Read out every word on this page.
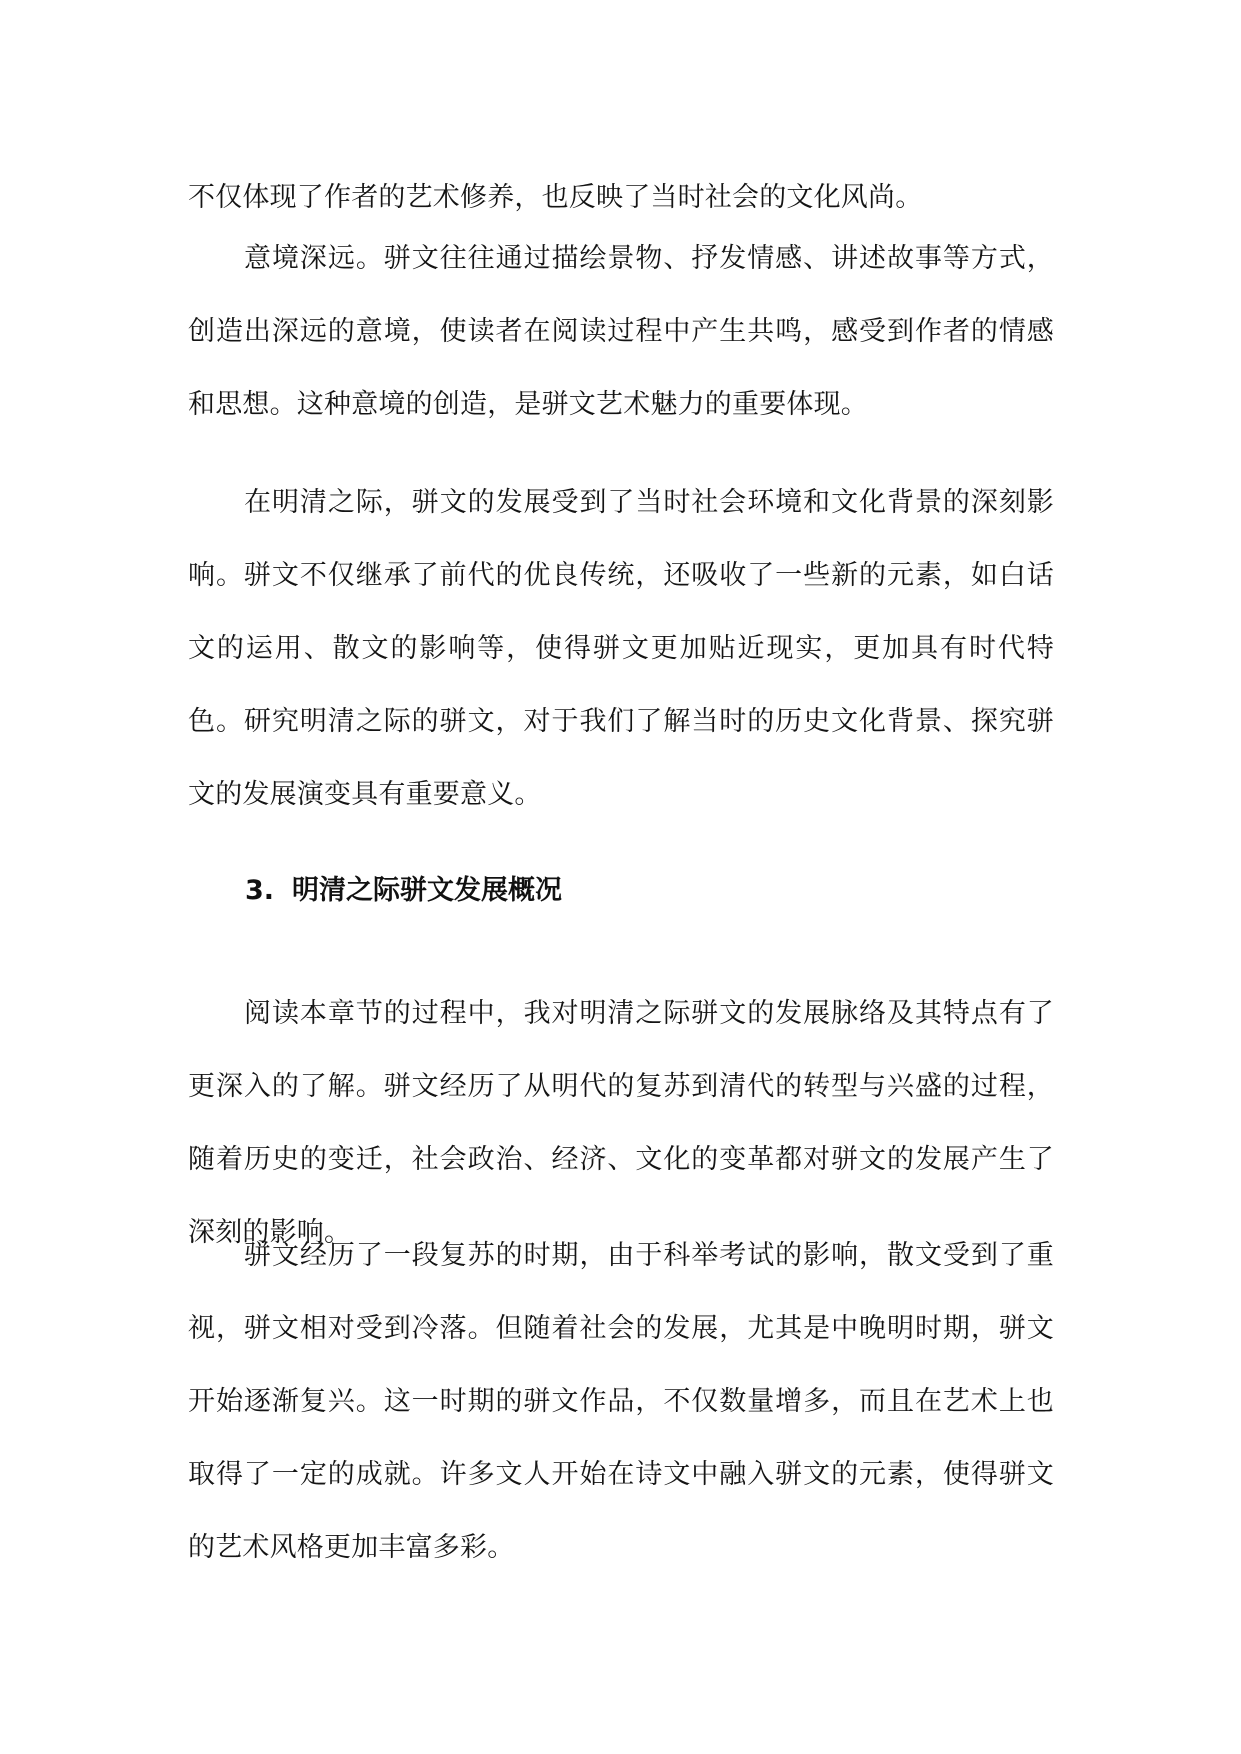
不仅体现了作者的艺术修养，也反映了当时社会的文化风尚。

意境深远。骈文往往通过描绘景物、抒发情感、讲述故事等方式，创造出深远的意境，使读者在阅读过程中产生共鸣，感受到作者的情感和思想。这种意境的创造，是骈文艺术魅力的重要体现。

在明清之际，骈文的发展受到了当时社会环境和文化背景的深刻影响。骈文不仅继承了前代的优良传统，还吸收了一些新的元素，如白话文的运用、散文的影响等，使得骈文更加贴近现实，更加具有时代特色。研究明清之际的骈文，对于我们了解当时的历史文化背景、探究骈文的发展演变具有重要意义。

3. 明清之际骈文发展概况

阅读本章节的过程中，我对明清之际骈文的发展脉络及其特点有了更深入的了解。骈文经历了从明代的复苏到清代的转型与兴盛的过程，随着历史的变迁，社会政治、经济、文化的变革都对骈文的发展产生了深刻的影响。

骈文经历了一段复苏的时期，由于科举考试的影响，散文受到了重视，骈文相对受到冷落。但随着社会的发展，尤其是中晚明时期，骈文开始逐渐复兴。这一时期的骈文作品，不仅数量增多，而且在艺术上也取得了一定的成就。许多文人开始在诗文中融入骈文的元素，使得骈文的艺术风格更加丰富多彩。
